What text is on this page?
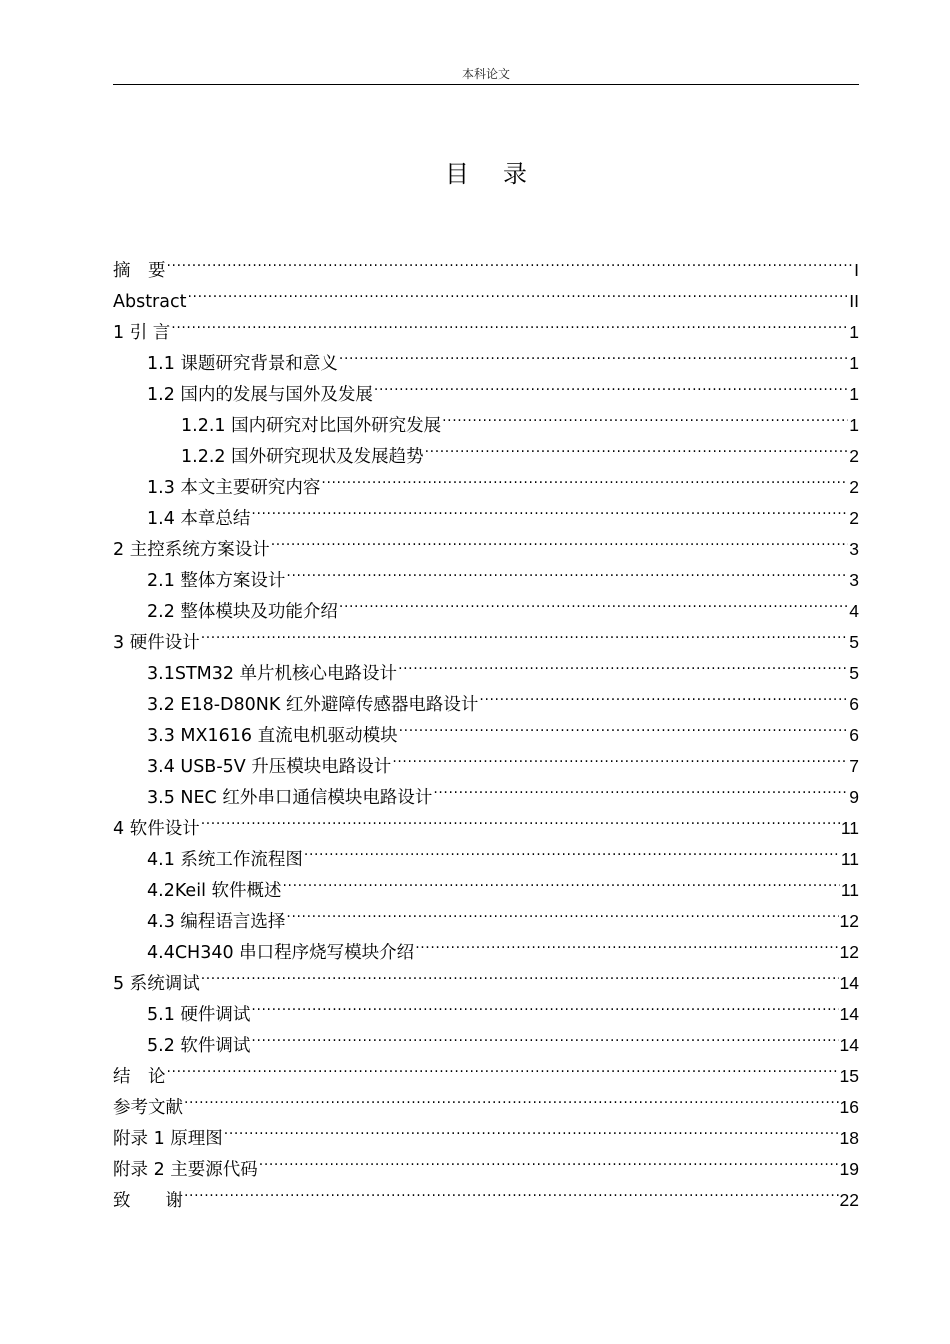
本科论文
目 录
摘　要 .....	I
Abstract .....	II
1 引 言 .....	1
1.1 课题研究背景和意义 .....	1
1.2 国内的发展与国外及发展 .....	1
1.2.1 国内研究对比国外研究发展 .....	1
1.2.2 国外研究现状及发展趋势 .....	2
1.3 本文主要研究内容 .....	2
1.4 本章总结 .....	2
2 主控系统方案设计 .....	3
2.1 整体方案设计 .....	3
2.2 整体模块及功能介绍 .....	4
3 硬件设计 .....	5
3.1STM32 单片机核心电路设计 .....	5
3.2 E18-D80NK 红外避障传感器电路设计 .....	6
3.3 MX1616 直流电机驱动模块 .....	6
3.4 USB-5V 升压模块电路设计 .....	7
3.5 NEC 红外串口通信模块电路设计 .....	9
4 软件设计 .....	11
4.1 系统工作流程图 .....	11
4.2Keil 软件概述 .....	11
4.3 编程语言选择 .....	12
4.4CH340 串口程序烧写模块介绍 .....	12
5 系统调试 .....	14
5.1 硬件调试 .....	14
5.2 软件调试 .....	14
结　论 .....	15
参考文献 .....	16
附录 1 原理图 .....	18
附录 2 主要源代码 .....	19
致　　谢 .....	22
